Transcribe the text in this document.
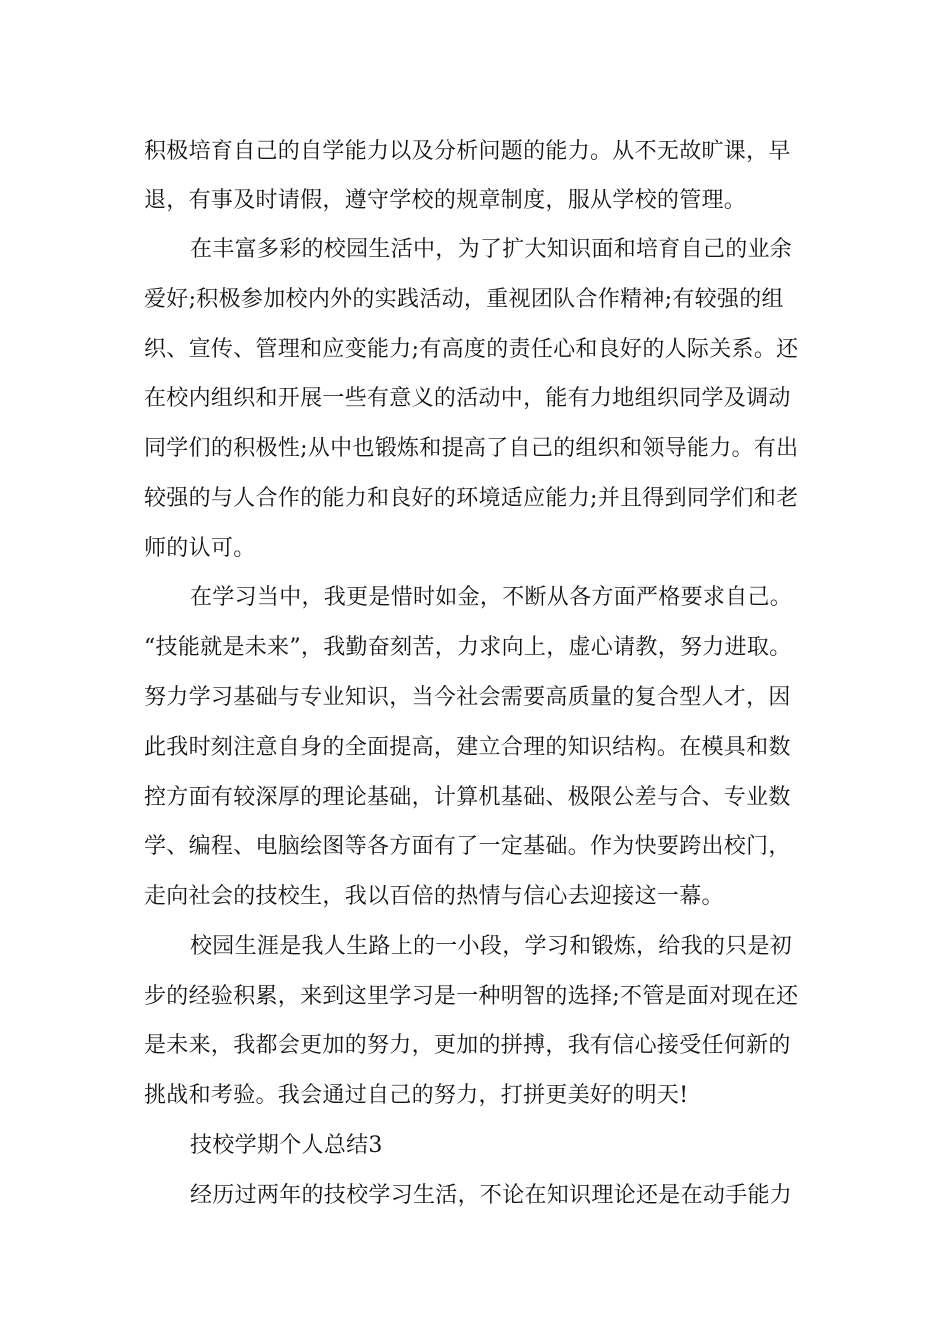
积极培育自己的自学能力以及分析问题的能力。从不无故旷课，早
退，有事及时请假，遵守学校的规章制度，服从学校的管理。
在丰富多彩的校园生活中，为了扩大知识面和培育自己的业余
爱好;积极参加校内外的实践活动，重视团队合作精神;有较强的组
织、宣传、管理和应变能力;有高度的责任心和良好的人际关系。还
在校内组织和开展一些有意义的活动中，能有力地组织同学及调动
同学们的积极性;从中也锻炼和提高了自己的组织和领导能力。有出
较强的与人合作的能力和良好的环境适应能力;并且得到同学们和老
师的认可。
在学习当中，我更是惜时如金，不断从各方面严格要求自己。
“技能就是未来”，我勤奋刻苦，力求向上，虚心请教，努力进取。
努力学习基础与专业知识，当今社会需要高质量的复合型人才，因
此我时刻注意自身的全面提高，建立合理的知识结构。在模具和数
控方面有较深厚的理论基础，计算机基础、极限公差与合、专业数
学、编程、电脑绘图等各方面有了一定基础。作为快要跨出校门，
走向社会的技校生，我以百倍的热情与信心去迎接这一幕。
校园生涯是我人生路上的一小段，学习和锻炼，给我的只是初
步的经验积累，来到这里学习是一种明智的选择;不管是面对现在还
是未来，我都会更加的努力，更加的拼搏，我有信心接受任何新的
挑战和考验。我会通过自己的努力，打拼更美好的明天!
技校学期个人总结3
经历过两年的技校学习生活，不论在知识理论还是在动手能力
